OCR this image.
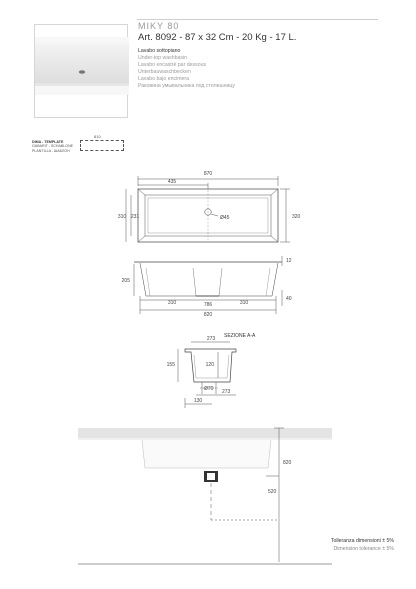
MIKY 80
Art. 8092 - 87 x 32 Cm - 20 Kg - 17 L.
Lavabo sottopiano
Under-top washbasin
Lavabo encastré par dessous
Unterbauwaschbecken
Lavabo bajo encimera
Раковина умывальника под столешницу
DIMA - TEMPLATE
GABARIT - SCHABLONE
PLANTILLA - ШАБЛОН
810
870
435
310 231	320
Ø45
205
12
40
310	786	310
820
SEZIONE A-A
273
155	120
Ø70 273
130
820
520
Tolleranza dimensioni ± 5%
Dimension tolerance ± 5%
